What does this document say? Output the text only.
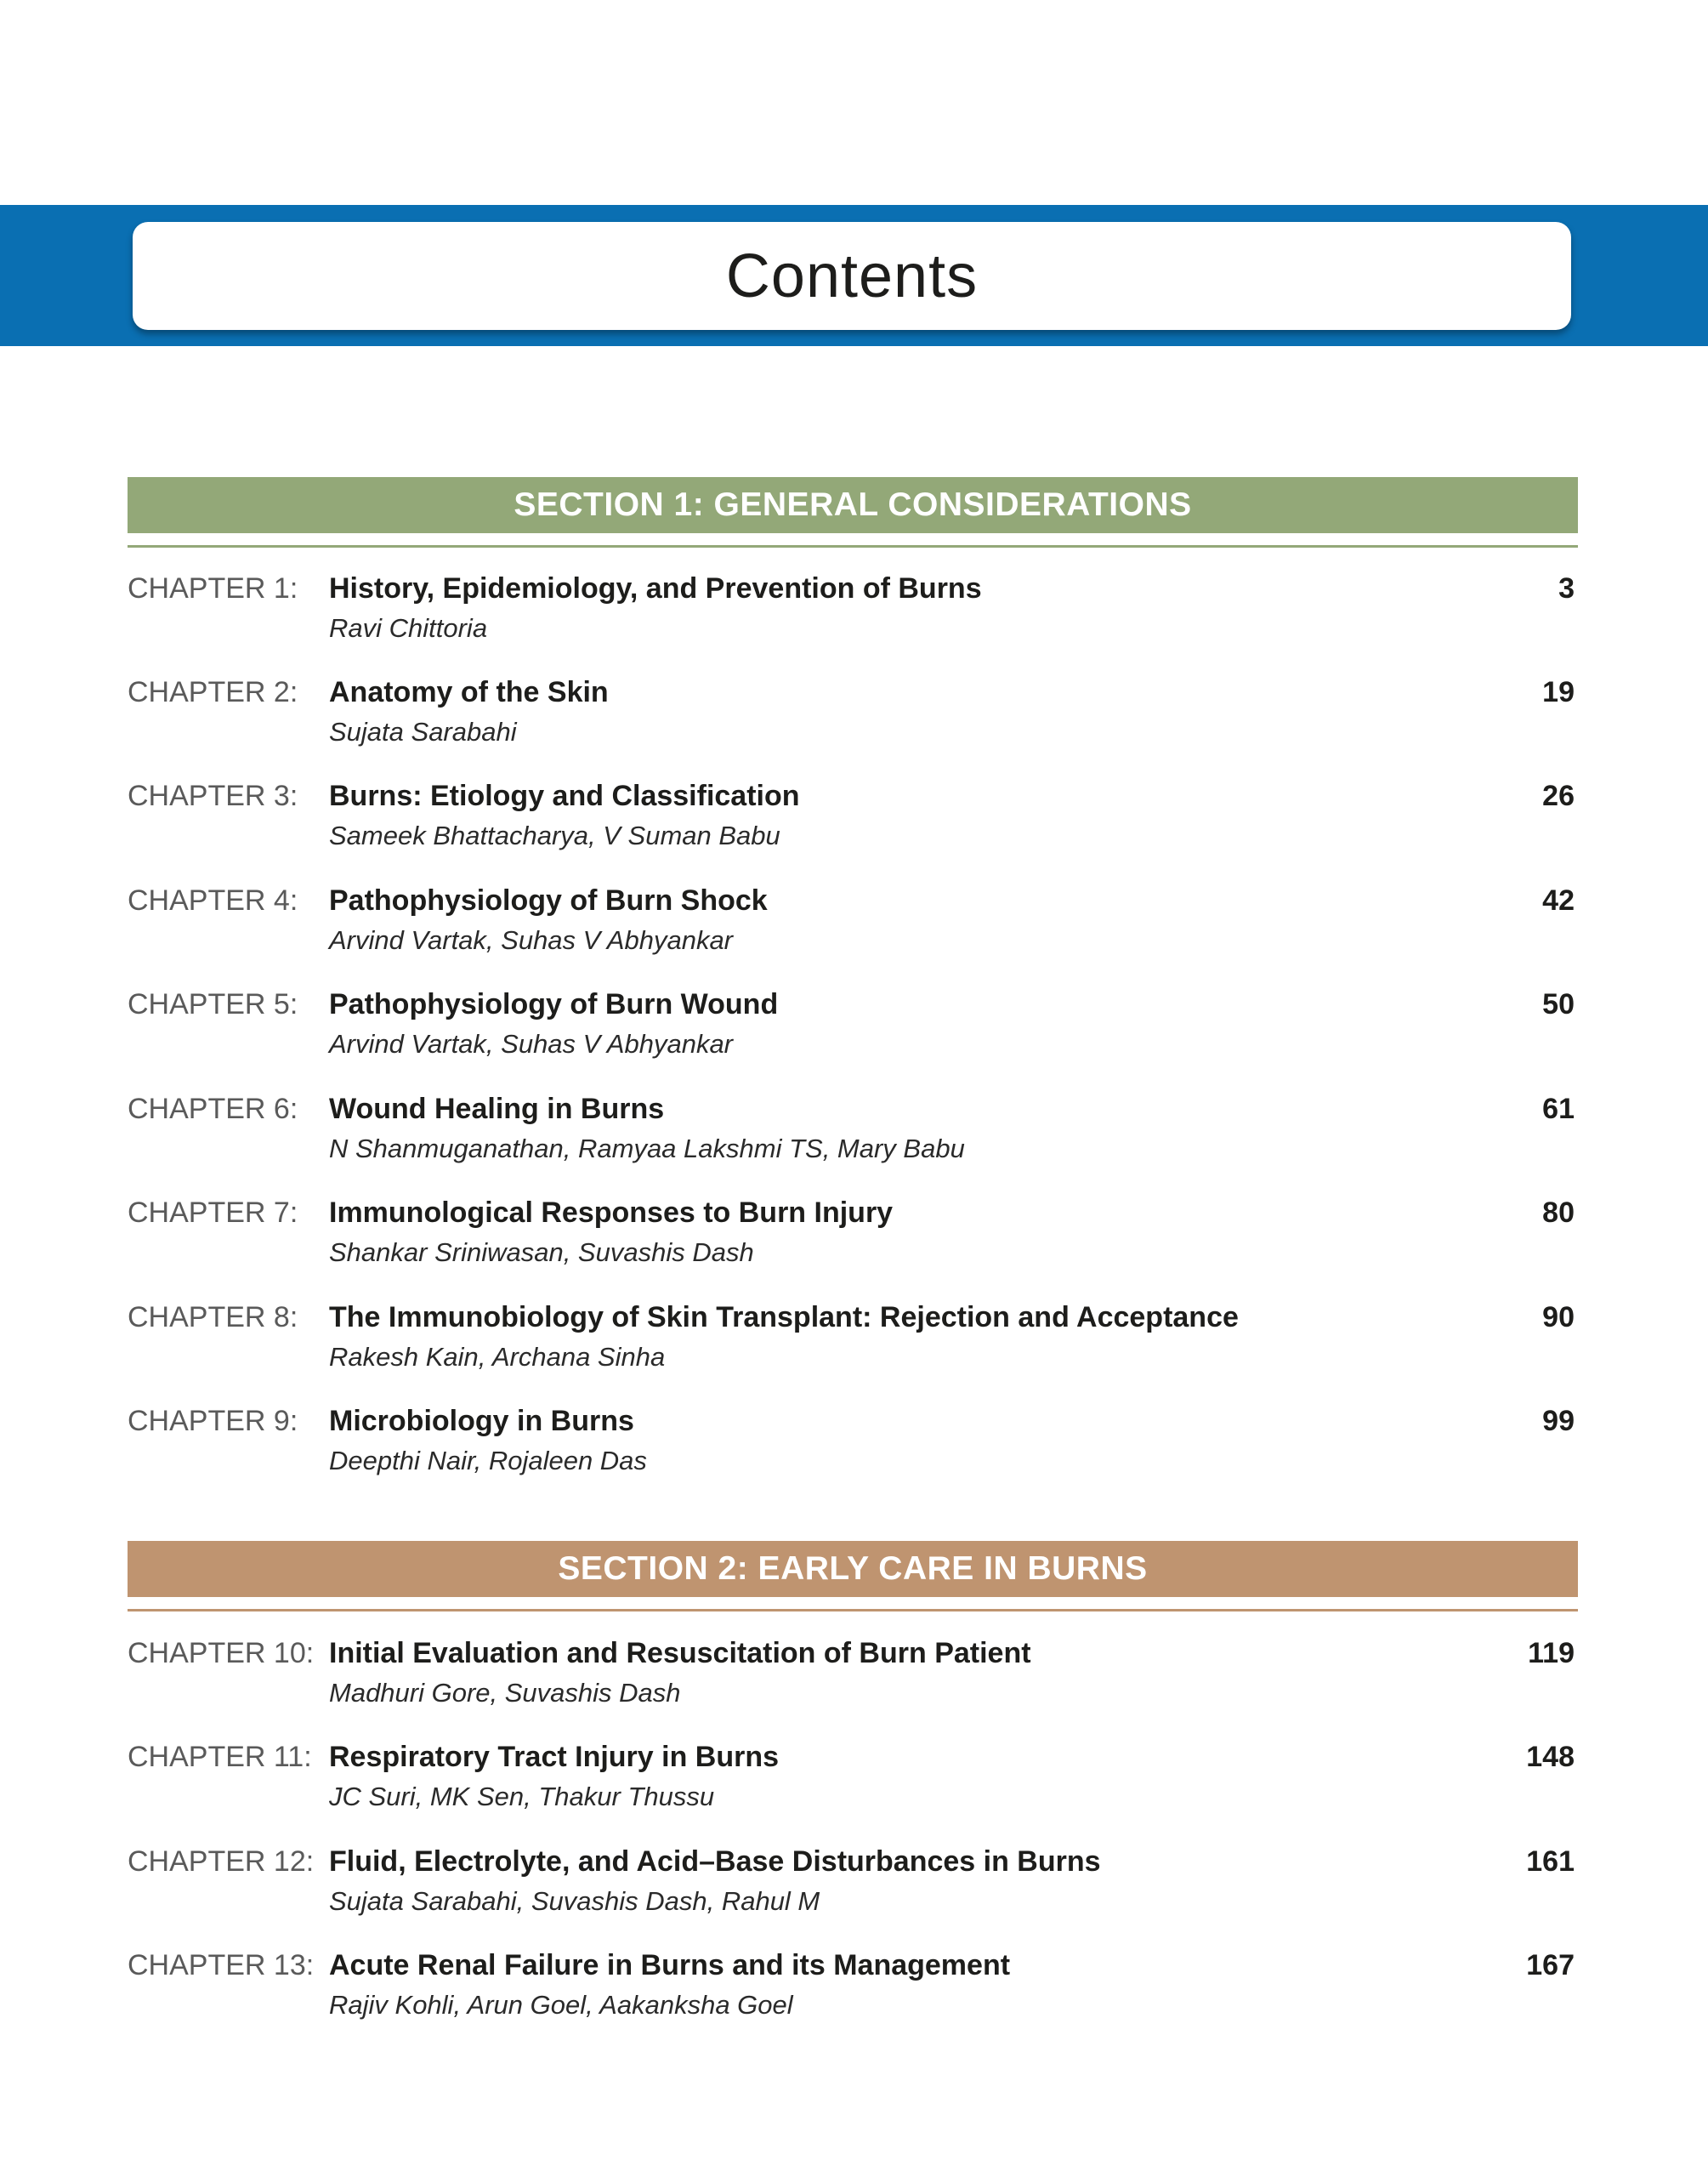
Contents
SECTION 1: GENERAL CONSIDERATIONS
CHAPTER 1: History, Epidemiology, and Prevention of Burns
Ravi Chittoria
3
CHAPTER 2: Anatomy of the Skin
Sujata Sarabahi
19
CHAPTER 3: Burns: Etiology and Classification
Sameek Bhattacharya, V Suman Babu
26
CHAPTER 4: Pathophysiology of Burn Shock
Arvind Vartak, Suhas V Abhyankar
42
CHAPTER 5: Pathophysiology of Burn Wound
Arvind Vartak, Suhas V Abhyankar
50
CHAPTER 6: Wound Healing in Burns
N Shanmuganathan, Ramyaa Lakshmi TS, Mary Babu
61
CHAPTER 7: Immunological Responses to Burn Injury
Shankar Sriniwasan, Suvashis Dash
80
CHAPTER 8: The Immunobiology of Skin Transplant: Rejection and Acceptance
Rakesh Kain, Archana Sinha
90
CHAPTER 9: Microbiology in Burns
Deepthi Nair, Rojaleen Das
99
SECTION 2: EARLY CARE IN BURNS
CHAPTER 10: Initial Evaluation and Resuscitation of Burn Patient
Madhuri Gore, Suvashis Dash
119
CHAPTER 11: Respiratory Tract Injury in Burns
JC Suri, MK Sen, Thakur Thussu
148
CHAPTER 12: Fluid, Electrolyte, and Acid–Base Disturbances in Burns
Sujata Sarabahi, Suvashis Dash, Rahul M
161
CHAPTER 13: Acute Renal Failure in Burns and its Management
Rajiv Kohli, Arun Goel, Aakanksha Goel
167
